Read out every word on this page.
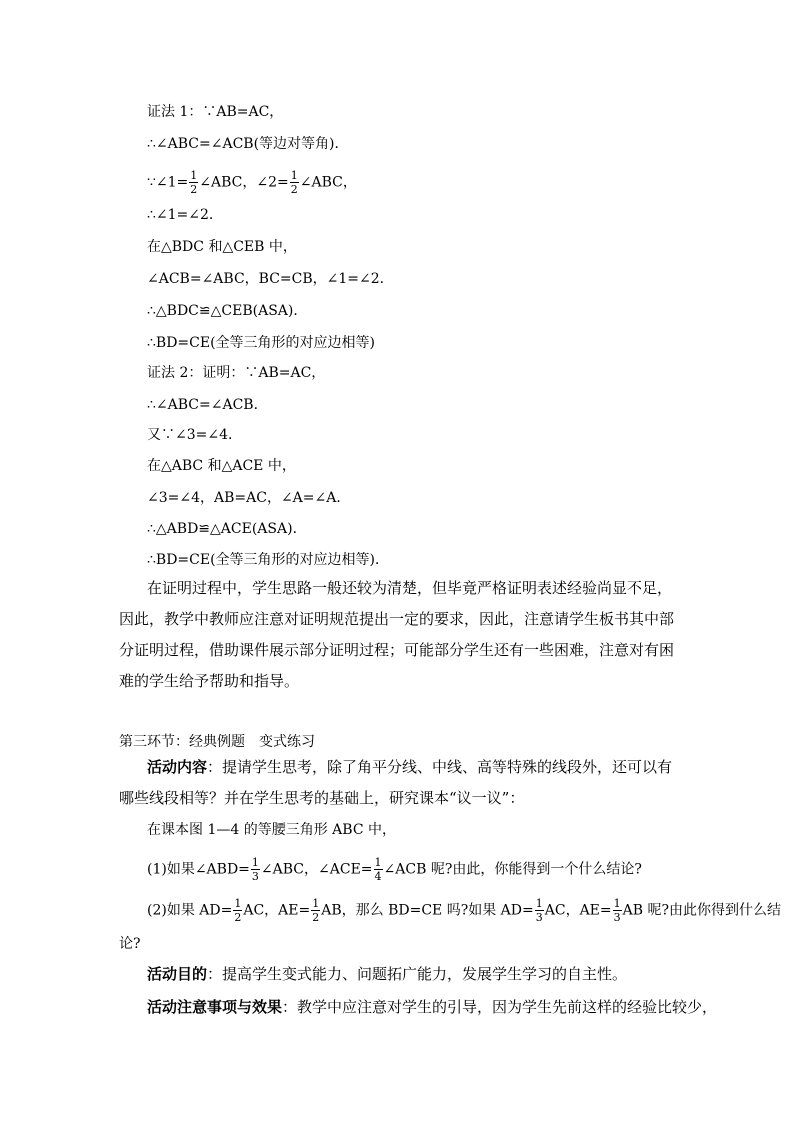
证法 1：∵AB=AC，
∴∠ABC=∠ACB(等边对等角)．
∵∠1= $\frac{1}{2}$ ∠ABC，∠2= $\frac{1}{2}$ ∠ABC，
∴∠1=∠2．
在△BDC 和△CEB 中，
∠ACB=∠ABC，BC=CB，∠1=∠2．
∴△BDC≌△CEB(ASA)．
∴BD=CE(全等三角形的对应边相等)
证法 2：证明：∵AB=AC，
∴∠ABC=∠ACB．
又∵∠3=∠4．
在△ABC 和△ACE 中，
∠3=∠4，AB=AC，∠A=∠A．
∴△ABD≌△ACE(ASA)．
∴BD=CE(全等三角形的对应边相等)．
在证明过程中，学生思路一般还较为清楚，但毕竟严格证明表述经验尚显不足，因此，教学中教师应注意对证明规范提出一定的要求，因此，注意请学生板书其中部分证明过程，借助课件展示部分证明过程；可能部分学生还有一些困难，注意对有困难的学生给予帮助和指导。
第三环节：经典例题　变式练习
活动内容：提请学生思考，除了角平分线、中线、高等特殊的线段外，还可以有哪些线段相等？并在学生思考的基础上，研究课本“议一议”：
在课本图 1—4 的等腰三角形 ABC 中，
(1)如果∠ABD= $\frac{1}{3}$ ∠ABC，∠ACE= $\frac{1}{4}$ ∠ACB 呢?由此，你能得到一个什么结论?
(2)如果 $AD= \frac{1}{2}$ AC，$AE= \frac{1}{2}$ AB，那么 BD=CE 吗?如果 $AD= \frac{1}{3}$ AC，$AE= \frac{1}{3}$ AB 呢?由此你得到什么结
论?
活动目的：提高学生变式能力、问题拓广能力，发展学生学习的自主性。
活动注意事项与效果：教学中应注意对学生的引导，因为学生先前这样的经验比较少，
